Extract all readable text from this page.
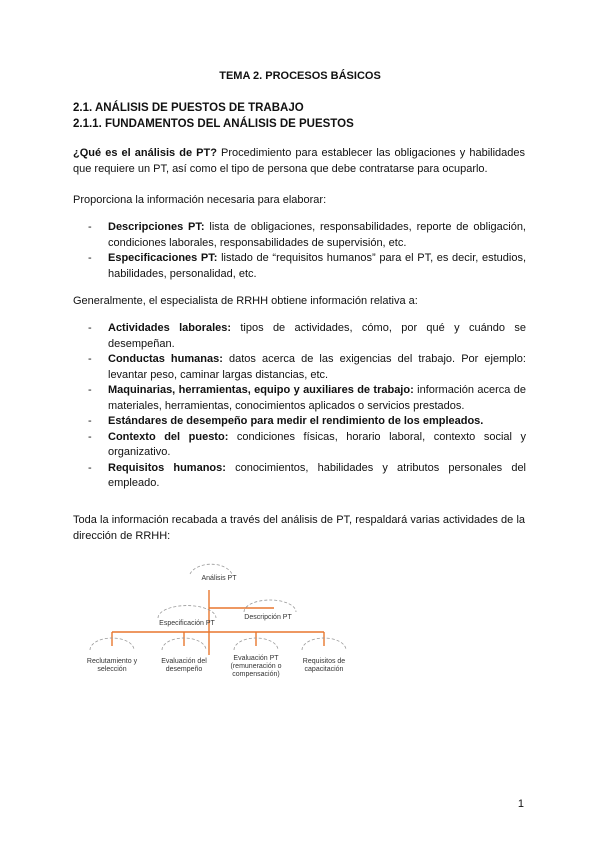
TEMA 2. PROCESOS BÁSICOS
2.1. ANÁLISIS DE PUESTOS DE TRABAJO
2.1.1. FUNDAMENTOS DEL ANÁLISIS DE PUESTOS
¿Qué es el análisis de PT? Procedimiento para establecer las obligaciones y habilidades que requiere un PT, así como el tipo de persona que debe contratarse para ocuparlo.
Proporciona la información necesaria para elaborar:
- Descripciones PT: lista de obligaciones, responsabilidades, reporte de obligación, condiciones laborales, responsabilidades de supervisión, etc.
- Especificaciones PT: listado de “requisitos humanos” para el PT, es decir, estudios, habilidades, personalidad, etc.
Generalmente, el especialista de RRHH obtiene información relativa a:
- Actividades laborales: tipos de actividades, cómo, por qué y cuándo se desempeñan.
- Conductas humanas: datos acerca de las exigencias del trabajo. Por ejemplo: levantar peso, caminar largas distancias, etc.
- Maquinarias, herramientas, equipo y auxiliares de trabajo: información acerca de materiales, herramientas, conocimientos aplicados o servicios prestados.
- Estándares de desempeño para medir el rendimiento de los empleados.
- Contexto del puesto: condiciones físicas, horario laboral, contexto social y organizativo.
- Requisitos humanos: conocimientos, habilidades y atributos personales del empleado.
Toda la información recabada a través del análisis de PT, respaldará varias actividades de la dirección de RRHH:
Análisis PT
Especificación PT
Descripción PT
Reclutamiento y
selección
Evaluación del
desempeño
Evaluación PT
(remuneración o
compensación)
Requisitos de
capacitación
1
